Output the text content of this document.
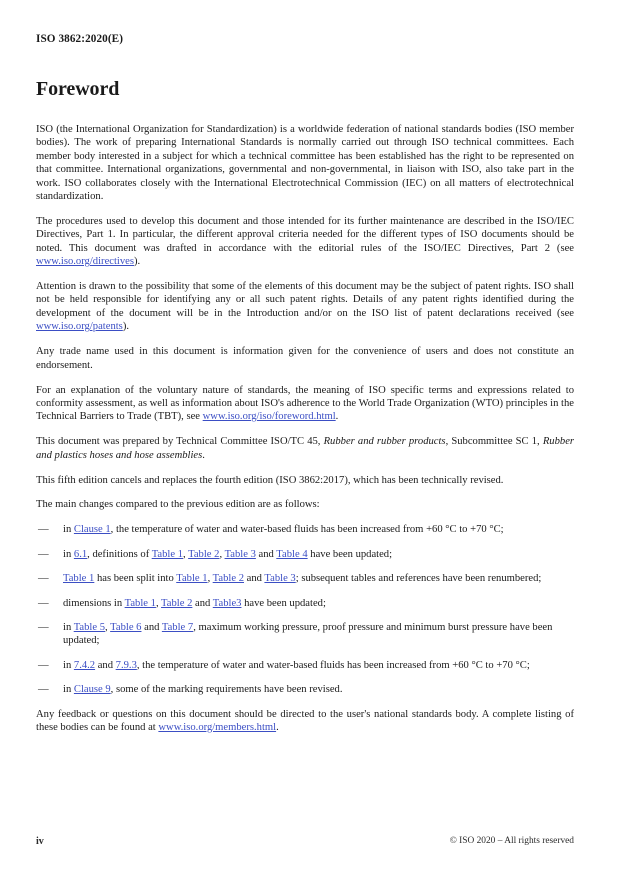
ISO 3862:2020(E)
Foreword

ISO (the International Organization for Standardization) is a worldwide federation of national standards bodies (ISO member bodies). The work of preparing International Standards is normally carried out through ISO technical committees. Each member body interested in a subject for which a technical committee has been established has the right to be represented on that committee. International organizations, governmental and non-governmental, in liaison with ISO, also take part in the work. ISO collaborates closely with the International Electrotechnical Commission (IEC) on all matters of electrotechnical standardization.

The procedures used to develop this document and those intended for its further maintenance are described in the ISO/IEC Directives, Part 1. In particular, the different approval criteria needed for the different types of ISO documents should be noted. This document was drafted in accordance with the editorial rules of the ISO/IEC Directives, Part 2 (see www.iso.org/directives).

Attention is drawn to the possibility that some of the elements of this document may be the subject of patent rights. ISO shall not be held responsible for identifying any or all such patent rights. Details of any patent rights identified during the development of the document will be in the Introduction and/or on the ISO list of patent declarations received (see www.iso.org/patents).

Any trade name used in this document is information given for the convenience of users and does not constitute an endorsement.

For an explanation of the voluntary nature of standards, the meaning of ISO specific terms and expressions related to conformity assessment, as well as information about ISO's adherence to the World Trade Organization (WTO) principles in the Technical Barriers to Trade (TBT), see www.iso.org/iso/foreword.html.

This document was prepared by Technical Committee ISO/TC 45, Rubber and rubber products, Subcommittee SC 1, Rubber and plastics hoses and hose assemblies.

This fifth edition cancels and replaces the fourth edition (ISO 3862:2017), which has been technically revised.

The main changes compared to the previous edition are as follows:

—	in Clause 1, the temperature of water and water-based fluids has been increased from +60 °C to +70 °C;
—	in 6.1, definitions of Table 1, Table 2, Table 3 and Table 4 have been updated;
—	Table 1 has been split into Table 1, Table 2 and Table 3; subsequent tables and references have been renumbered;
—	dimensions in Table 1, Table 2 and Table3 have been updated;
—	in Table 5, Table 6 and Table 7, maximum working pressure, proof pressure and minimum burst pressure have been updated;
—	in 7.4.2 and 7.9.3, the temperature of water and water-based fluids has been increased from +60 °C to +70 °C;
—	in Clause 9, some of the marking requirements have been revised.

Any feedback or questions on this document should be directed to the user's national standards body. A complete listing of these bodies can be found at www.iso.org/members.html.

iv	© ISO 2020 – All rights reserved
